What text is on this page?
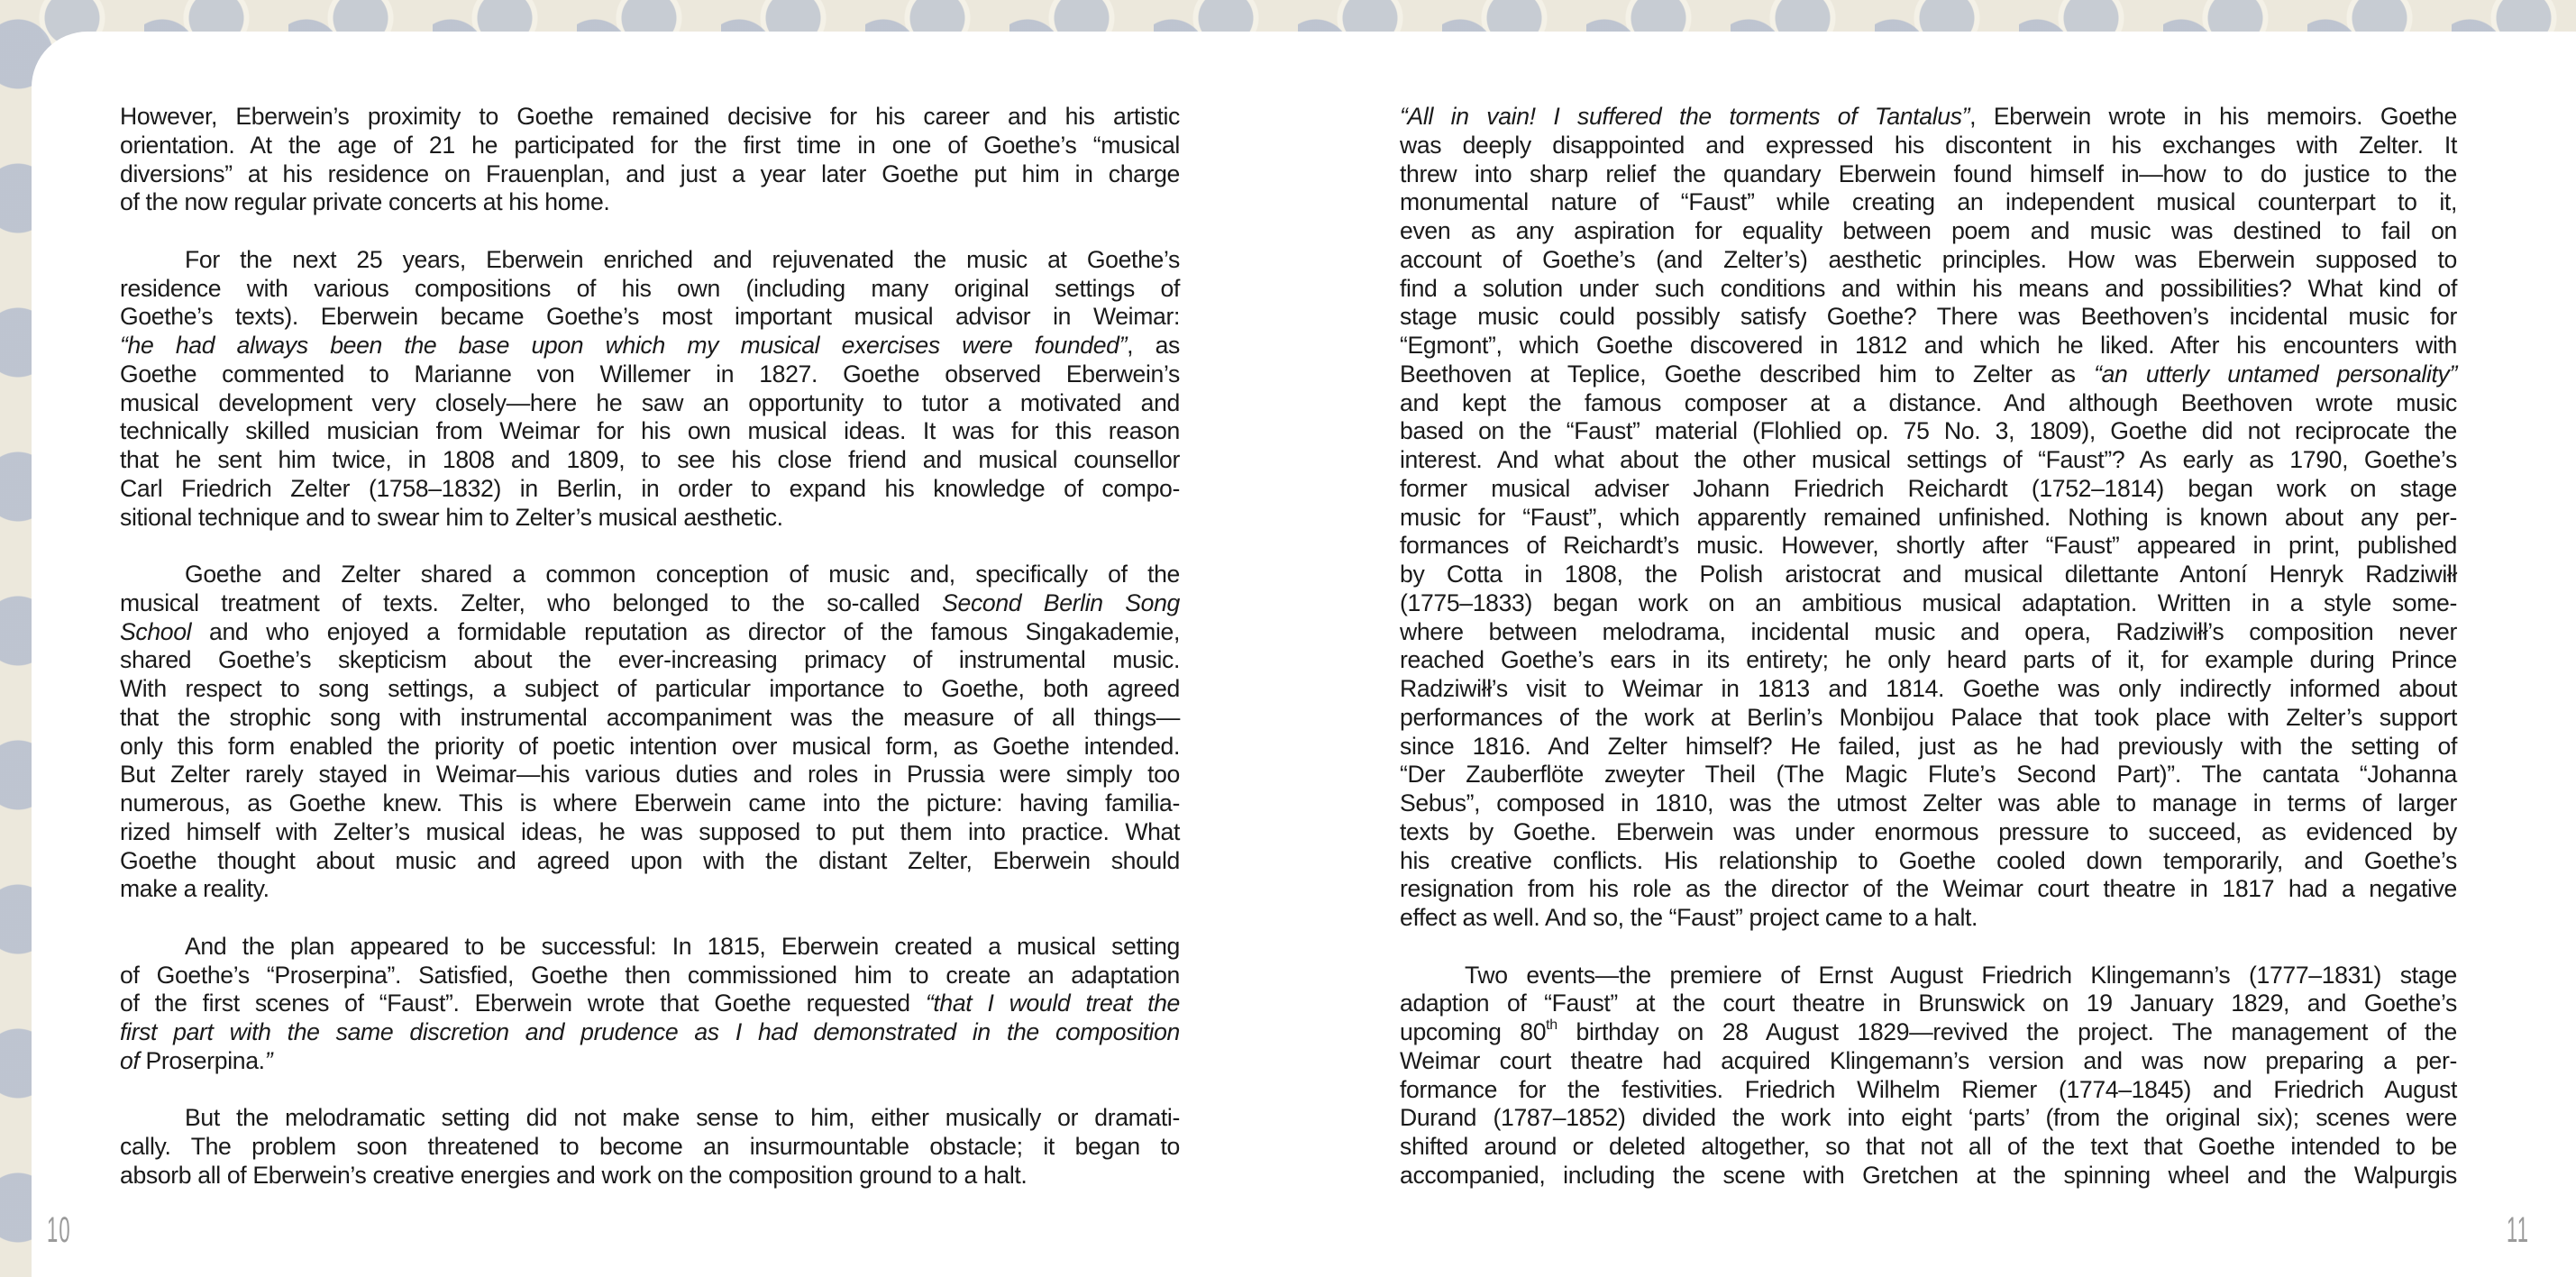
However, Eberwein’s proximity to Goethe remained decisive for his career and his artistic
orientation. At the age of 21 he participated for the first time in one of Goethe’s “musical
diversions” at his residence on Frauenplan, and just a year later Goethe put him in charge
of the now regular private concerts at his home.
For the next 25 years, Eberwein enriched and rejuvenated the music at Goethe’s
residence with various compositions of his own (including many original settings of
Goethe’s texts). Eberwein became Goethe’s most important musical advisor in Weimar:
“he had always been the base upon which my musical exercises were founded”, as
Goethe commented to Marianne von Willemer in 1827. Goethe observed Eberwein’s
musical development very closely—here he saw an opportunity to tutor a motivated and
technically skilled musician from Weimar for his own musical ideas. It was for this reason
that he sent him twice, in 1808 and 1809, to see his close friend and musical counsellor
Carl Friedrich Zelter (1758–1832) in Berlin, in order to expand his knowledge of compo-
sitional technique and to swear him to Zelter’s musical aesthetic.
Goethe and Zelter shared a common conception of music and, specifically of the
musical treatment of texts. Zelter, who belonged to the so-called Second Berlin Song
School and who enjoyed a formidable reputation as director of the famous Singakademie,
shared Goethe’s skepticism about the ever-increasing primacy of instrumental music.
With respect to song settings, a subject of particular importance to Goethe, both agreed
that the strophic song with instrumental accompaniment was the measure of all things—
only this form enabled the priority of poetic intention over musical form, as Goethe intended.
But Zelter rarely stayed in Weimar—his various duties and roles in Prussia were simply too
numerous, as Goethe knew. This is where Eberwein came into the picture: having familia-
rized himself with Zelter’s musical ideas, he was supposed to put them into practice. What
Goethe thought about music and agreed upon with the distant Zelter, Eberwein should
make a reality.
And the plan appeared to be successful: In 1815, Eberwein created a musical setting
of Goethe’s “Proserpina”. Satisfied, Goethe then commissioned him to create an adaptation
of the first scenes of “Faust”. Eberwein wrote that Goethe requested “that I would treat the
first part with the same discretion and prudence as I had demonstrated in the composition
of Proserpina.”
But the melodramatic setting did not make sense to him, either musically or dramati-
cally. The problem soon threatened to become an insurmountable obstacle; it began to
absorb all of Eberwein’s creative energies and work on the composition ground to a halt.
“All in vain! I suffered the torments of Tantalus”, Eberwein wrote in his memoirs. Goethe
was deeply disappointed and expressed his discontent in his exchanges with Zelter. It
threw into sharp relief the quandary Eberwein found himself in—how to do justice to the
monumental nature of “Faust” while creating an independent musical counterpart to it,
even as any aspiration for equality between poem and music was destined to fail on
account of Goethe’s (and Zelter’s) aesthetic principles. How was Eberwein supposed to
find a solution under such conditions and within his means and possibilities? What kind of
stage music could possibly satisfy Goethe? There was Beethoven’s incidental music for
“Egmont”, which Goethe discovered in 1812 and which he liked. After his encounters with
Beethoven at Teplice, Goethe described him to Zelter as “an utterly untamed personality”
and kept the famous composer at a distance. And although Beethoven wrote music
based on the “Faust” material (Flohlied op. 75 No. 3, 1809), Goethe did not reciprocate the
interest. And what about the other musical settings of “Faust”? As early as 1790, Goethe’s
former musical adviser Johann Friedrich Reichardt (1752–1814) began work on stage
music for “Faust”, which apparently remained unfinished. Nothing is known about any per-
formances of Reichardt’s music. However, shortly after “Faust” appeared in print, published
by Cotta in 1808, the Polish aristocrat and musical dilettante Antoní Henryk Radziwiłł
(1775–1833) began work on an ambitious musical adaptation. Written in a style some-
where between melodrama, incidental music and opera, Radziwiłł’s composition never
reached Goethe’s ears in its entirety; he only heard parts of it, for example during Prince
Radziwiłł’s visit to Weimar in 1813 and 1814. Goethe was only indirectly informed about
performances of the work at Berlin’s Monbijou Palace that took place with Zelter’s support
since 1816. And Zelter himself? He failed, just as he had previously with the setting of
“Der Zauberflöte zweyter Theil (The Magic Flute’s Second Part)”. The cantata “Johanna
Sebus”, composed in 1810, was the utmost Zelter was able to manage in terms of larger
texts by Goethe. Eberwein was under enormous pressure to succeed, as evidenced by
his creative conflicts. His relationship to Goethe cooled down temporarily, and Goethe’s
resignation from his role as the director of the Weimar court theatre in 1817 had a negative
effect as well. And so, the “Faust” project came to a halt.
Two events—the premiere of Ernst August Friedrich Klingemann’s (1777–1831) stage
adaption of “Faust” at the court theatre in Brunswick on 19 January 1829, and Goethe’s
upcoming 80th birthday on 28 August 1829—revived the project. The management of the
Weimar court theatre had acquired Klingemann’s version and was now preparing a per-
formance for the festivities. Friedrich Wilhelm Riemer (1774–1845) and Friedrich August
Durand (1787–1852) divided the work into eight ‘parts’ (from the original six); scenes were
shifted around or deleted altogether, so that not all of the text that Goethe intended to be
accompanied, including the scene with Gretchen at the spinning wheel and the Walpurgis
10	11
